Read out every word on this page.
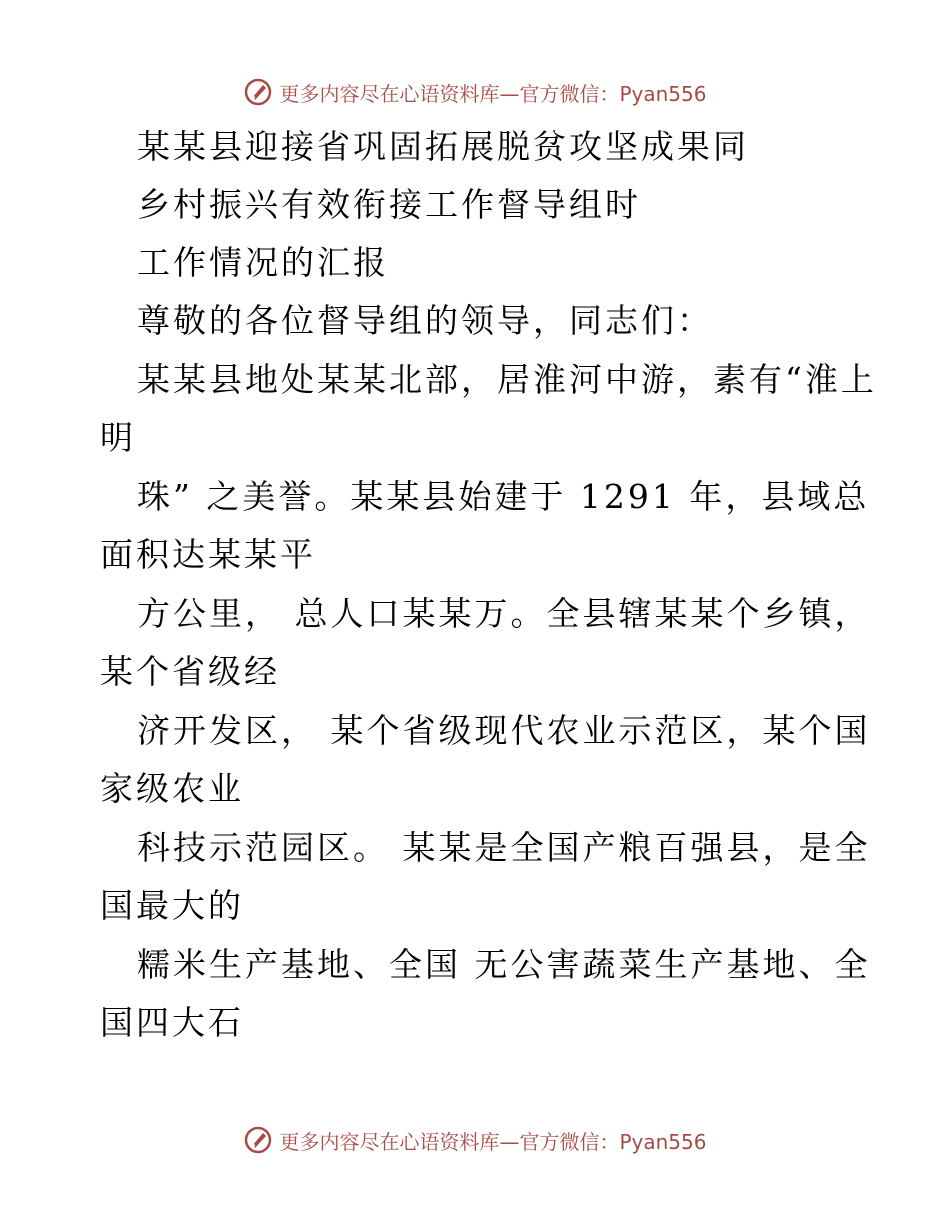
更多内容尽在心语资料库—官方微信：Pyan556
某某县迎接省巩固拓展脱贫攻坚成果同
乡村振兴有效衔接工作督导组时
工作情况的汇报
尊敬的各位督导组的领导，同志们：
某某县地处某某北部，居淮河中游，素有“淮上
明
珠” 之美誉。某某县始建于 1291 年，县域总
面积达某某平
方公里， 总人口某某万。全县辖某某个乡镇，
某个省级经
济开发区， 某个省级现代农业示范区，某个国
家级农业
科技示范园区。 某某是全国产粮百强县，是全
国最大的
糯米生产基地、全国 无公害蔬菜生产基地、全
国四大石
更多内容尽在心语资料库—官方微信：Pyan556
